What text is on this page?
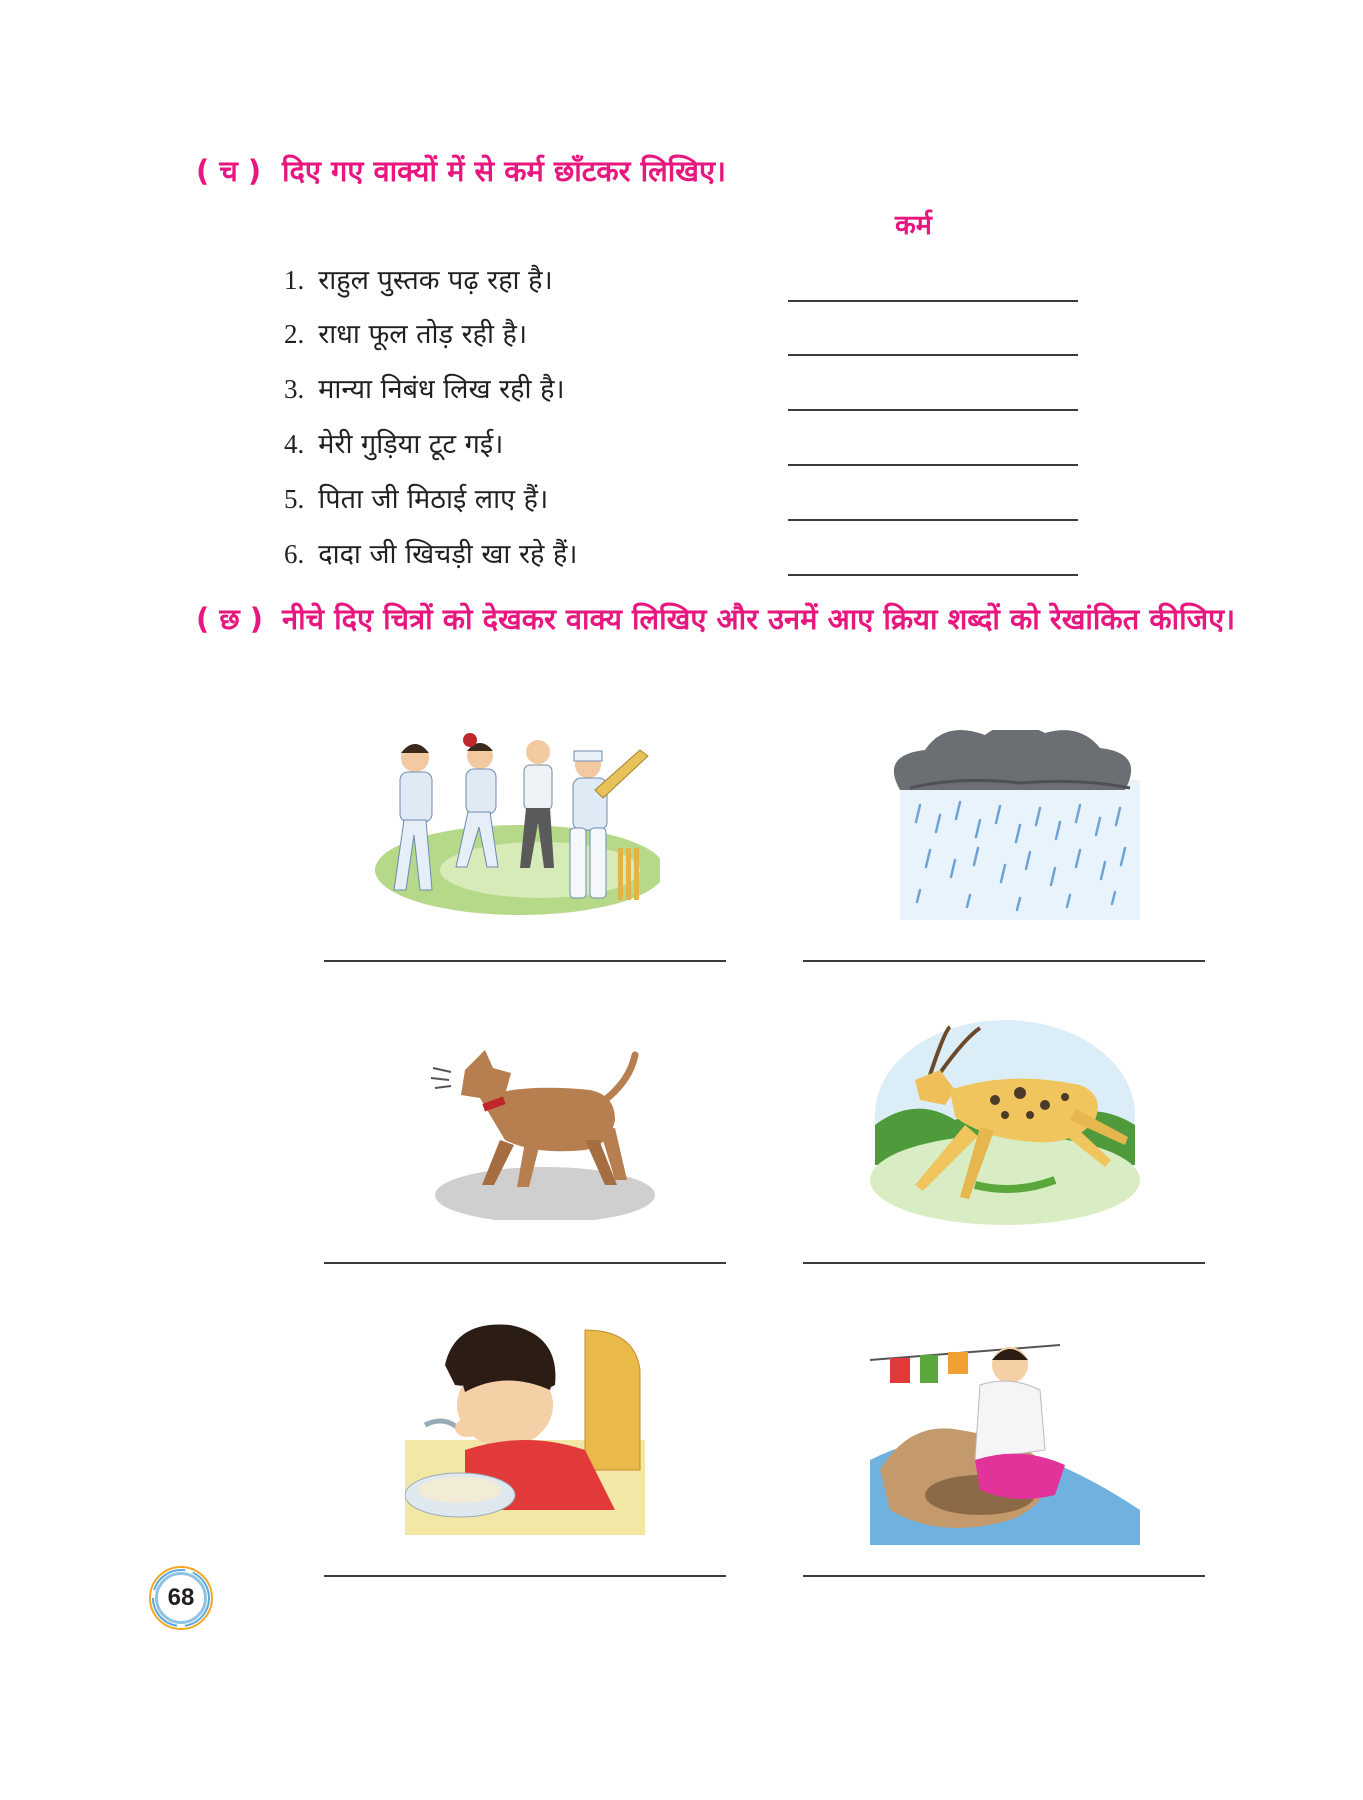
( च ) दिए गए वाक्यों में से कर्म छाँटकर लिखिए।
कर्म
1. राहुल पुस्तक पढ़ रहा है।
2. राधा फूल तोड़ रही है।
3. मान्या निबंध लिख रही है।
4. मेरी गुड़िया टूट गई।
5. पिता जी मिठाई लाए हैं।
6. दादा जी खिचड़ी खा रहे हैं।
( छ ) नीचे दिए चित्रों को देखकर वाक्य लिखिए और उनमें आए क्रिया शब्दों को रेखांकित कीजिए।
68
